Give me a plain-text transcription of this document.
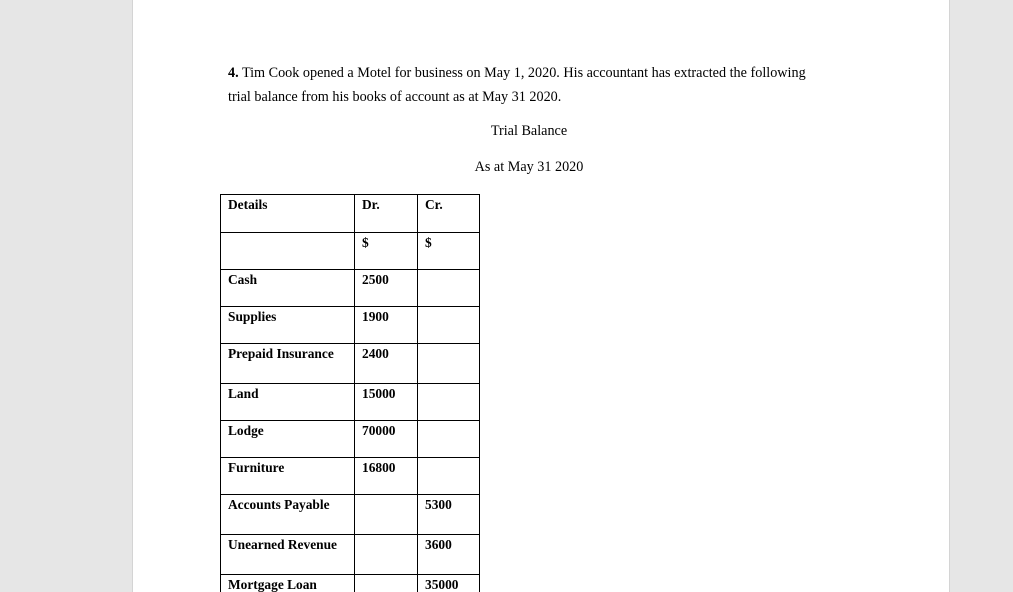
4. Tim Cook opened a Motel for business on May 1, 2020. His accountant has extracted the following
trial balance from his books of account as at May 31 2020.
Trial Balance
As at May 31 2020
Details	Dr.	Cr.
	$	$
Cash	2500	
Supplies	1900	
Prepaid Insurance	2400	
Land	15000	
Lodge	70000	
Furniture	16800	
Accounts Payable		5300
Unearned Revenue		3600
Mortgage Loan		35000
